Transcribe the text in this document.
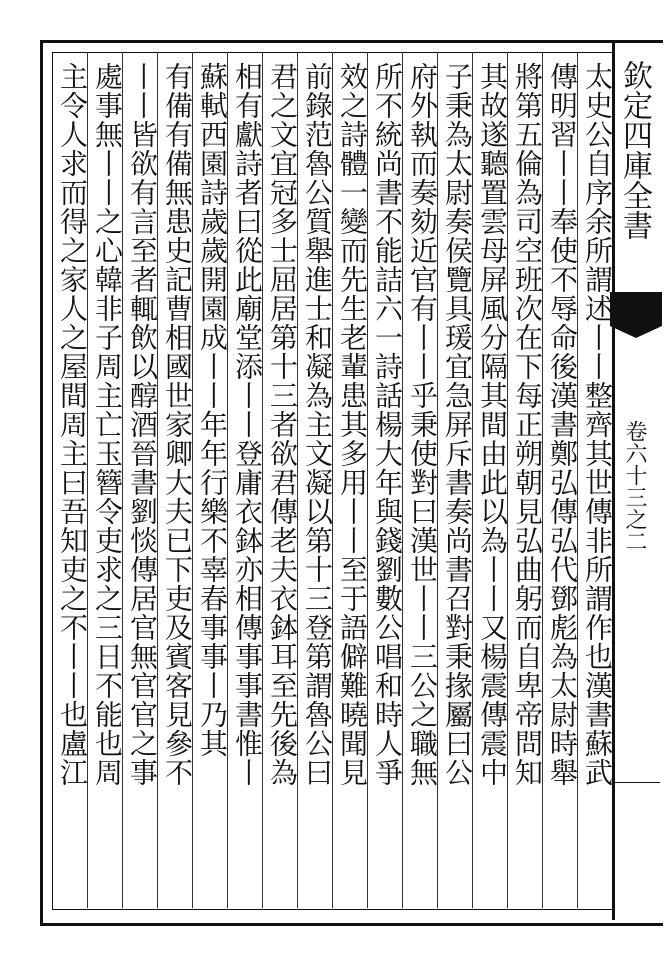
欽定四庫全書
卷六十三之二
太史公自序余所謂述丨丨整齊其世傳非所謂作也漢書蘇武
傳明習丨丨奉使不辱命後漢書鄭弘傳弘代鄧彪為太尉時舉
將第五倫為司空班次在下每正朔朝見弘曲躬而自卑帝問知
其故遂聽置雲母屏風分隔其間由此以為丨丨又楊震傳震中
子秉為太尉奏侯覽具瑗宜急屏斥書奏尚書召對秉掾屬曰公
府外執而奏劾近官有丨丨乎秉使對曰漢世丨丨三公之職無
所不統尚書不能詰六一詩話楊大年與錢劉數公唱和時人爭
效之詩體一變而先生老輩患其多用丨丨至于語僻難曉聞見
前錄范魯公質舉進士和凝為主文凝以第十三登第謂魯公曰
君之文宜冠多士屈居第十三者欲君傳老夫衣鉢耳至先後為
相有獻詩者曰從此廟堂添丨丨登庸衣鉢亦相傳事事書惟丨
蘇軾西園詩歲歲開園成丨丨年年行樂不辜春事事丨乃其
有備有備無患史記曹相國世家卿大夫已下吏及賓客見參不
丨丨皆欲有言至者輒飲以醇酒晉書劉惔傳居官無官官之事
處事無丨丨之心韓非子周主亡玉簪令吏求之三日不能也周
主令人求而得之家人之屋間周主曰吾知吏之不丨丨也盧江
